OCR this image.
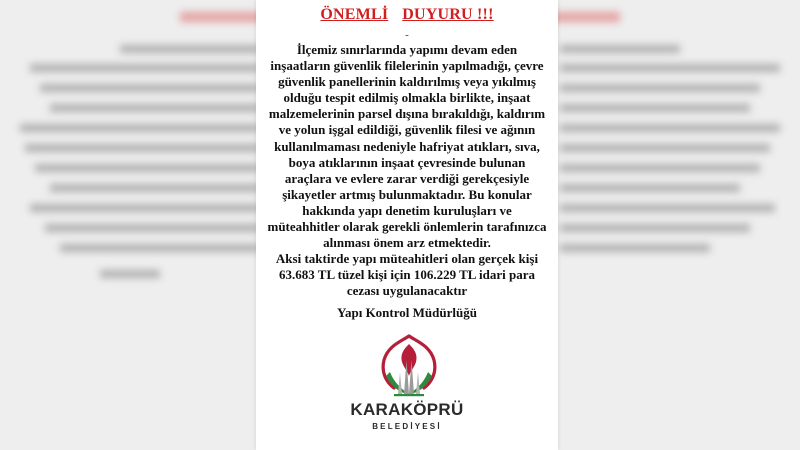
ÖNEMLİ DUYURU !!!
-
İlçemiz sınırlarında yapımı devam eden
inşaatların güvenlik filelerinin yapılmadığı, çevre
güvenlik panellerinin kaldırılmış veya yıkılmış
olduğu tespit edilmiş olmakla birlikte, inşaat
malzemelerinin parsel dışına bırakıldığı, kaldırım
ve yolun işgal edildiği, güvenlik filesi ve ağının
kullanılmaması nedeniyle hafriyat atıkları, sıva,
boya atıklarının inşaat çevresinde bulunan
araçlara ve evlere zarar verdiği gerekçesiyle
şikayetler artmış bulunmaktadır. Bu konular
hakkında yapı denetim kuruluşları ve
müteahhitler olarak gerekli önlemlerin tarafınızca
alınması önem arz etmektedir.
Aksi taktirde yapı müteahitleri olan gerçek kişi
63.683 TL tüzel kişi için 106.229 TL idari para
cezası uygulanacaktır
Yapı Kontrol Müdürlüğü
KARAKÖPRÜ
BELEDİYESİ
